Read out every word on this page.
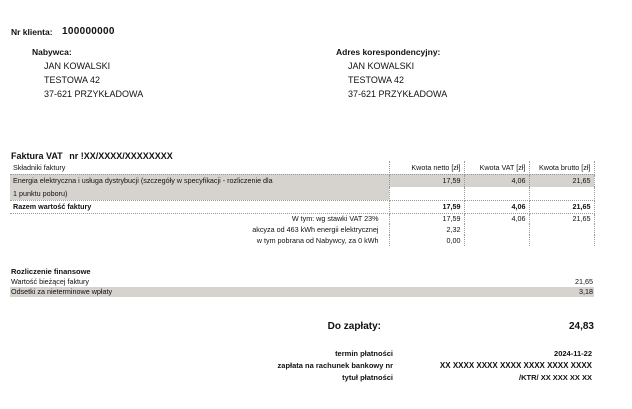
Nr klienta: 100000000
Nabywca:
JAN KOWALSKI
TESTOWA 42
37-621 PRZYKŁADOWA
Adres korespondencyjny:
JAN KOWALSKI
TESTOWA 42
37-621 PRZYKŁADOWA
Faktura VAT nr !XX/XXXX/XXXXXXXX
Składniki faktury	Kwota netto [zł]	Kwota VAT [zł]	Kwota brutto [zł]
Energia elektryczna i usługa dystrybucji (szczegóły w specyfikacji - rozliczenie dla	17,59	4,06	21,65
1 punktu poboru)			
Razem wartość faktury	17,59	4,06	21,65
W tym: wg stawki VAT 23%	17,59	4,06	21,65
akcyza od 463 kWh energii elektrycznej	2,32		
w tym pobrana od Nabywcy, za 0 kWh	0,00		
Rozliczenie finansowe
Wartość bieżącej faktury	21,65
Odsetki za nieterminowe wpłaty	3,18
Do zapłaty:	24,83
termin płatności	2024-11-22
zapłata na rachunek bankowy nr	XX XXXX XXXX XXXX XXXX XXXX XXXX
tytuł płatności	/KTR/ XX XXX XX XX
